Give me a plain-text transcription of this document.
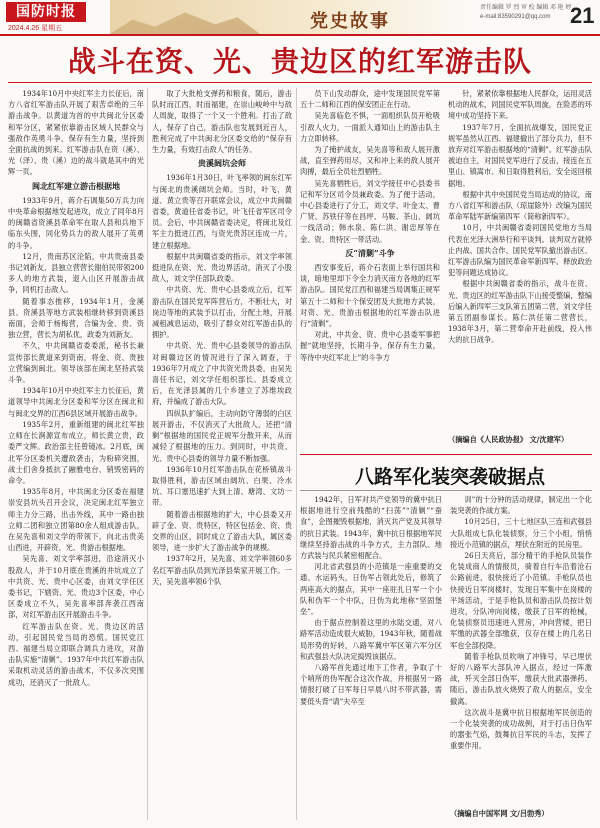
国防时报
2024.4.26 星期五	党史故事
责任编辑 罗 烈 审 校 编辑 邓 艳 婷
e-mail:83590291@qq.com 21
战斗在资、光、贵边区的红军游击队

1934年10月中央红军主力长征后，南方八省红军游击队开展了艰苦卓绝的三年游击战争。以黄道为首的中共闽北分区委和军分区，紧紧依靠游击区域人民群众与强敌作英勇斗争，保存有生力量，坚持到全面抗战的到来。红军游击队在资（溪）、光（泽）、贵（溪）边的战斗就是其中的光辉一页。

闽北红军建立游击根据地

1933年9月，蒋介石调集50万兵力向中央革命根据地发起进攻，成立了同年8月的闽赣省资溪县革命军在取人县和兵地下临东头围，同化势兵力的敌人展开了英勇的斗争。

12月，贵南苏区沦陷，中共贵南县委书记刘新友、县独立营营长谢伯民带领200多人的地方武装，退入山区开展游击战争，同机打击敌人。

随着事态推移，1934年1月，金溪县、资溪县等地方武装相继转移到资溪县南面，会师于杨梅营，合编为金、贵、资独立营，营长为胡私优，政委为刘新友。

不久，中共闽赣省委委派，秘书长兼宣传部长黄道来到资南，将金、资、贵独立营编到闽北。领导该部在闽北坚持武装斗争。

1934年10月中央红军主力长征后，黄道领导中共闽北分区委和军分区在闽北和与闽北交界的江西6县区域开展游击战争。

1935年2月，重新组建的闽北红军独立师在长涧源宣布成立，师长黄立贵，政委严文辉。政治部主任曾镜冰。2月底，闽北军分区委机关遭敌袭击，为粉碎突围，战士们舍身抵抗了融雅电台、销毁密码的命令。

1935年8月，中共闽北分区委在福建崇安县坑头召开会议，决定闽北红军独立师主力分三路，出击外线，其中一路由独立师二团和独立团第80余人组成游击队，在吴先喜和刘文学的带领下，向北击贵美山西进，开辟资、光、贵游击根据地。

吴先喜、刘文学率部进，沿途消灭小股敌人，并于10月底在贵溪的井坑成立了中共资、光、贵中心区委，由刘文学任区委书记，下辖资、光、贵边3个区委，中心区委成立不久，吴先喜率部奔袭江西南部，对红军游击区开展游击斗争。

红军游击队在资、光、贵边区的活动，引起国民党当局的恐慌。国民党江西、福建当局立即联合调兵力进攻，对游击队实施“清剿”。1937年中共红军游击队采取机动灵活的游击战术，不仅多次突围成功，还消灭了一批敌人。

取了大批枪支弹药和粮食，随后，游击队时而江西，时而福建，在崇山峻岭中与敌人周旋，取得了一个又一个胜利。打击了敌人，保存了自己，游击队也发展到近百人，胜利完成了中共闽北分区委交给的“保存有生力量，有效打击敌人”的任务。

贵溪阔坑会师

1936年1月30日，叶飞率领的闽东红军与闽北的贵溪阔坑会师。当时，叶飞、黄道、黄立贵等召开联席会议，成立中共闽赣省委，黄道任省委书记，叶飞任省军区司令员。会后，中共闽赣省委决定，将闽北及红军主力挺进江西，与资光贵苏区连成一片，建立根据地。

根据中共闽赣省委的指示，刘文学率领挺进队在资、光、贵边界活动，消灭了小股敌人，刘文学任部队政委。

中共资、光、贵中心县委成立后，红军游击队在国民党军阵营后方，不断壮大，对岗边等地的武装予以打击，分配土地，开展减租减息运动，吸引了群众对红军游击队的拥护。

中共资、光、贵中心县委领导的游击队对闽赣边区的情况进行了深入调查，于1936年7月成立了中共资光贵县委，由吴先喜任书记，刘文学任组织部长。县委成立后，在光泽县属的几个乡建立了苏维埃政府，并编成了游击大队。

四纵队扩编后，主动向防守薄弱的白区展开游击，不仅消灭了大批敌人，还把“清剿”根据地的国民党正规军分散开来，从而减轻了根据地的压力。到同时，中共资、光、贵中心县委的领导力量不断加强。

1936年10月红军游击队在花桥镇战斗取得胜利，游击区域由阔坑、白果、冷水坑、耳口塞迅速扩大到上清、塘湾、文坊一带。

随着游击根据地的扩大，中心县委又开辟了金、资、贵特区，特区包括金、资、贵交界的山区，同时成立了游击大队，属区委领导，进一步扩大了游击战争的规模。

1937年2月，吴先喜、刘文学率领60多名红军游击队员到光泽县柴家开展工作。一天，吴先喜率领6个队

员下山发动群众，途中发现国民党军第五十二师和江西的保安团正在行动。

吴先喜临危不惧，一面组织队员开枪吸引敌人火力，一面派人通知山上的游击队主力立即转移。

为了掩护战友，吴先喜等和敌人展开激战，直至弹药用尽，又和冲上来的敌人展开肉搏，最后全员壮烈牺牲。

吴先喜牺牲后，刘文学接任中心县委书记和军分区司令员兼政委。为了便于活动，中心县委进行了分工，刘文学、叶金太、曹广贤、苏铁仔等在昌坪、马鞍、茶山、阔坑一线活动；韩水泉、陈仁洪、谢忠厚等在金、资、贵特区一带活动。

反“清剿”斗争

西安事变后，蒋介石表面上举行国共和谈，暗地里却下令全力消灭南方各地的红军游击队。国民党江西和福建当局调集正规军第五十二师和十个保安团及大批地方武装，对资、光、贵游击根据地的红军游击队进行“清剿”。

对此，中共金、资、贵中心县委军事把握“就地坚持，长期斗争，保存有生力量，等待中央红军北上”的斗争方

针，紧紧依靠根据地人民群众，运用灵活机动的战术，同国民党军队周旋，在险恶的环境中成功坚持下来。

1937年7月，全面抗战爆发，国民党正规军虽然从江西、福建撤出了部分兵力，但不放弃对红军游击根据地的“清剿”。红军游击队被迫自主，对国民党军进行了反击，接连在五里山、镇嵩市、和日取得胜利后，安全返回根据地。

根据中共中央国民党当局达成的协议，南方八省红军和游击队（琼崖除外）改编为国民革命军陆军新编第四军（简称新四军）。

10月，中共闽赣省委同国民党地方当局代表在光泽大洲举行和平谈判。谈判双方就停止内战、国共合作、国民党军队撤出游击区、红军游击队编为国民革命军新四军、释放政治犯等问题达成协议。

根据中共闽赣省委的指示，战斗在资、光、贵边区的红军游击队下山接受整编，整编后编入新四军三支队第五团第二营，刘文学任第五团副参谋长。陈仁洪任第二营营长，1938年3月，第二营奉命开赴前线，投入伟大的抗日战争。

（摘编自《人民政协报》 文/沈建军）
八路军化装突袭破据点

1942年，日军对共产党领导的冀中抗日根据地进行空前残酷的“扫荡”“清剿”“蚕食”，企图摧毁根据地，消灭共产党及其领导的抗日武装。1943年，冀中抗日根据地军民继续坚持游击战的斗争方式，主力部队、地方武装与民兵紧密相配合。

河北省武强县的小范镇是一座重要的交通、水运码头，日伪军占领此处后，修筑了两座高大的据点，其中一座驻扎日军一个小队和伪军一个中队，日伪为此地称“坚固堡垒”。

由于据点控制着这里的水陆交通，对八路军活动造成很大威胁，1943年秋，随着战局形势的好转，八路军冀中军区第六军分区和武强县大队决定捣毁该据点。

八路军首先通过地下工作者，争取了十个哨所的伪军配合这次作战，并根据另一路情报打破了日军每日早晨八时不带武器，需要低头背“请”夫卒至

训”的十分钟的活动规律，制定出一个化装突袭的作战方案。

10月25日，三十七地区队三连和武强县大队组成七队化装侦察，分三个小组，悄悄接近小范镇的据点，埋伏在附近的民房里。

26日天亮后，部分精干的手枪队员装作化装成商人的情报员，骑着自行车沿着沧石公路前进，很快接近了小范镇。手枪队员也快接近日军岗楼时，发现日军集中在岗楼的平场活动，于是手枪队员和游击队员按计划进攻，分队冲向岗楼，缴获了日军的枪械，化装侦察员迅速进入营房，冲向营楼，把日军缴的武器全部缴获，仅存在楼上的几名日军也全部投降。

随着手枪队员吹响了冲锋号，早已埋伏好的八路军大部队冲入据点，经过一阵激战，歼灭全部日伪军，缴获大批武器弹药。随后，游击队放火烧毁了敌人的据点，安全撤离。

这次战斗是冀中抗日根据地军民创造的一个化装突袭的成功战例，对于打击日伪军的嚣张气焰，鼓舞抗日军民的斗志，发挥了重要作用。

（摘编自中国军网 文/吕勃秀）
